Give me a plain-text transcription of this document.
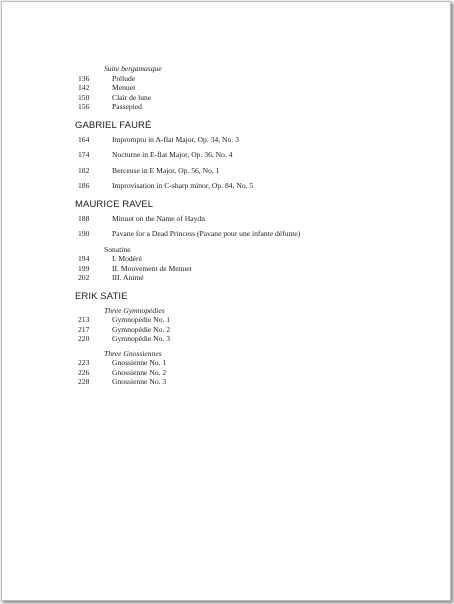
Suite bergamasque
136	Prélude
142	Menuet
150	Clair de lune
156	Passepied
GABRIEL FAURÉ
164	Impromptu in A-flat Major, Op. 34, No. 3
174	Nocturne in E-flat Major, Op. 36, No. 4
182	Berceuse in E Major, Op. 56, No. 1
186	Improvisation in C-sharp minor, Op. 84, No. 5
MAURICE RAVEL
188	Minuet on the Name of Haydn
190	Pavane for a Dead Princess (Pavane pour une infante défunte)
Sonatine
194	I. Modéré
199	II. Mouvement de Menuet
202	III. Animé
ERIK SATIE
Three Gymnopédies
213	Gymnopédie No. 1
217	Gymnopédie No. 2
220	Gymnopédie No. 3
Three Gnossiennes
223	Gnossienne No. 1
226	Gnossienne No. 2
228	Gnossienne No. 3
